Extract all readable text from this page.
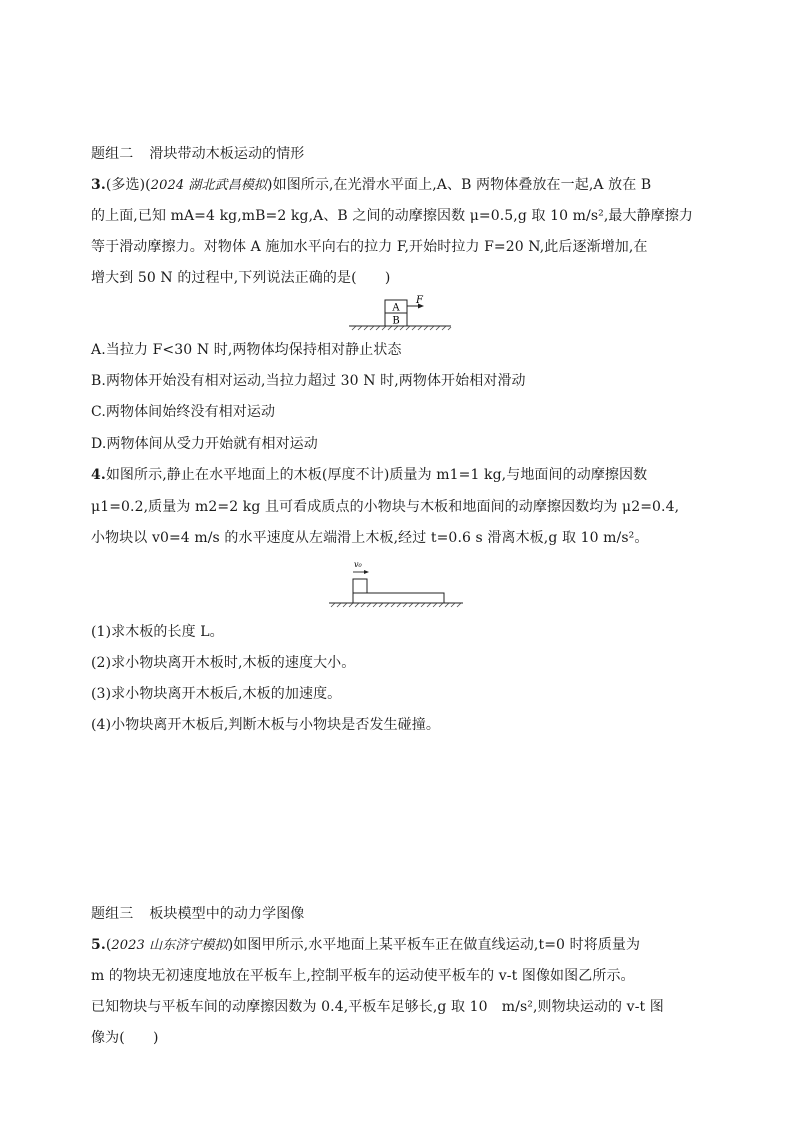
题组二 滑块带动木板运动的情形
3.(多选)(2024 湖北武昌模拟)如图所示,在光滑水平面上,A、B 两物体叠放在一起,A 放在 B
的上面,已知 mA=4 kg,mB=2 kg,A、B 之间的动摩擦因数 μ=0.5,g 取 10 m/s²,最大静摩擦力
等于滑动摩擦力。对物体 A 施加水平向右的拉力 F,开始时拉力 F=20 N,此后逐渐增加,在
增大到 50 N 的过程中,下列说法正确的是(　　)
A
B
F
A.当拉力 F<30 N 时,两物体均保持相对静止状态
B.两物体开始没有相对运动,当拉力超过 30 N 时,两物体开始相对滑动
C.两物体间始终没有相对运动
D.两物体间从受力开始就有相对运动
4.如图所示,静止在水平地面上的木板(厚度不计)质量为 m1=1 kg,与地面间的动摩擦因数
μ1=0.2,质量为 m2=2 kg 且可看成质点的小物块与木板和地面间的动摩擦因数均为 μ2=0.4,
小物块以 v0=4 m/s 的水平速度从左端滑上木板,经过 t=0.6 s 滑离木板,g 取 10 m/s²。
v₀
(1)求木板的长度 L。
(2)求小物块离开木板时,木板的速度大小。
(3)求小物块离开木板后,木板的加速度。
(4)小物块离开木板后,判断木板与小物块是否发生碰撞。
题组三 板块模型中的动力学图像
5.(2023 山东济宁模拟)如图甲所示,水平地面上某平板车正在做直线运动,t=0 时将质量为
m 的物块无初速度地放在平板车上,控制平板车的运动使平板车的 v-t 图像如图乙所示。
已知物块与平板车间的动摩擦因数为 0.4,平板车足够长,g 取 10　m/s²,则物块运动的 v-t 图
像为(　　)
